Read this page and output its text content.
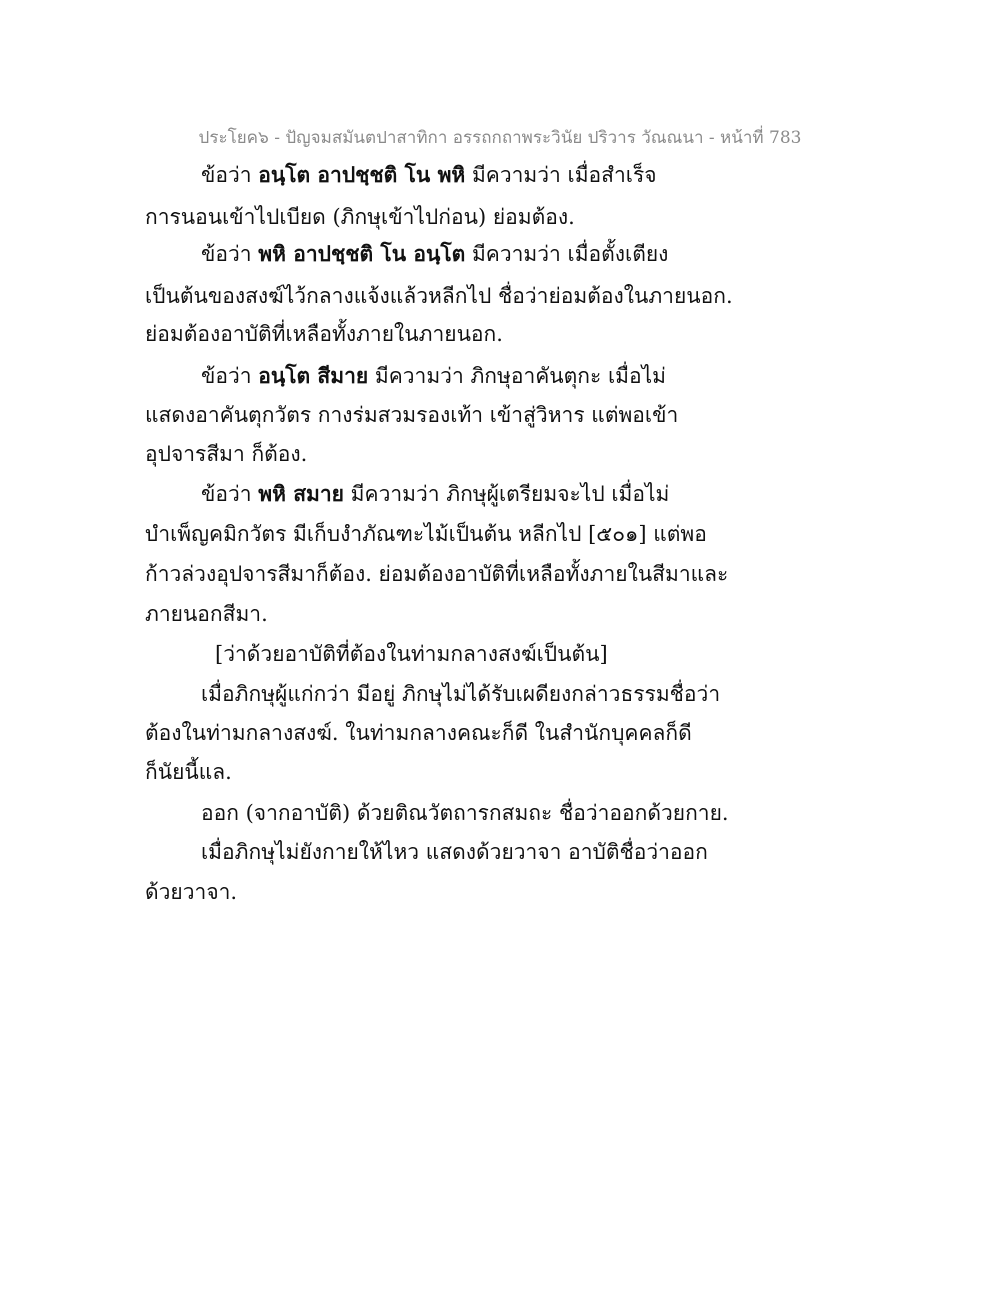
ประโยค๖ - ปัญจมสมันตปาสาทิกา อรรถกถาพระวินัย ปริวาร วัณณนา - หน้าที่ 783
ข้อว่า อนฺโต อาปชฺชติ โน พหิ มีความว่า เมื่อสำเร็จ
การนอนเข้าไปเบียด (ภิกษุเข้าไปก่อน) ย่อมต้อง.
ข้อว่า พหิ อาปชฺชติ โน อนฺโต มีความว่า เมื่อตั้งเตียง
เป็นต้นของสงฆ์ไว้กลางแจ้งแล้วหลีกไป ชื่อว่าย่อมต้องในภายนอก.
ย่อมต้องอาบัติที่เหลือทั้งภายในภายนอก.
ข้อว่า อนฺโต สีมาย มีความว่า ภิกษุอาคันตุกะ เมื่อไม่
แสดงอาคันตุกวัตร กางร่มสวมรองเท้า เข้าสู่วิหาร แต่พอเข้า
อุปจารสีมา ก็ต้อง.
ข้อว่า พหิ สมาย มีความว่า ภิกษุผู้เตรียมจะไป เมื่อไม่
บำเพ็ญคมิกวัตร มีเก็บงำภัณฑะไม้เป็นต้น หลีกไป [๕๐๑] แต่พอ
ก้าวล่วงอุปจารสีมาก็ต้อง. ย่อมต้องอาบัติที่เหลือทั้งภายในสีมาและ
ภายนอกสีมา.
[ว่าด้วยอาบัติที่ต้องในท่ามกลางสงฆ์เป็นต้น]
เมื่อภิกษุผู้แก่กว่า มีอยู่ ภิกษุไม่ได้รับเผดียงกล่าวธรรมชื่อว่า
ต้องในท่ามกลางสงฆ์. ในท่ามกลางคณะก็ดี ในสำนักบุคคลก็ดี
ก็นัยนี้แล.
ออก (จากอาบัติ) ด้วยติณวัตถารกสมถะ ชื่อว่าออกด้วยกาย.
เมื่อภิกษุไม่ยังกายให้ไหว แสดงด้วยวาจา อาบัติชื่อว่าออก
ด้วยวาจา.
